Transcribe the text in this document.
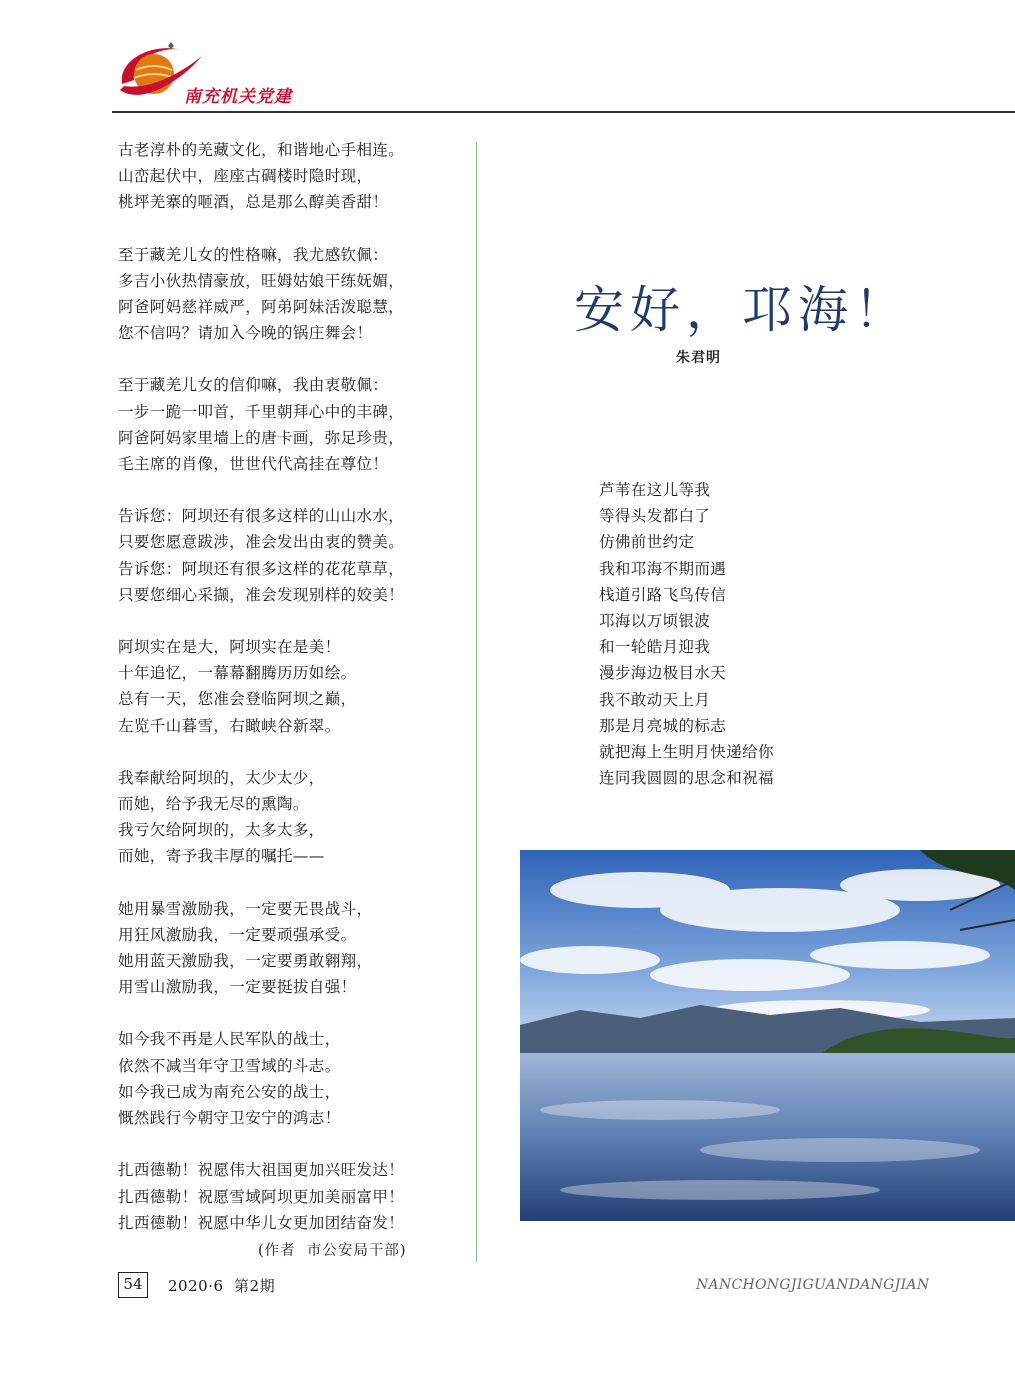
南充机关党建
古老淳朴的羌藏文化，和谐地心手相连。
山峦起伏中，座座古碉楼时隐时现，
桃坪羌寨的咂酒，总是那么醇美香甜！
至于藏羌儿女的性格嘛，我尤感钦佩：
多吉小伙热情豪放，旺姆姑娘干练妩媚，
阿爸阿妈慈祥威严，阿弟阿妹活泼聪慧，
您不信吗？请加入今晚的锅庄舞会！
至于藏羌儿女的信仰嘛，我由衷敬佩：
一步一跪一叩首，千里朝拜心中的丰碑，
阿爸阿妈家里墙上的唐卡画，弥足珍贵，
毛主席的肖像，世世代代高挂在尊位！
告诉您：阿坝还有很多这样的山山水水，
只要您愿意跋涉，准会发出由衷的赞美。
告诉您：阿坝还有很多这样的花花草草，
只要您细心采撷，准会发现别样的姣美！
阿坝实在是大，阿坝实在是美！
十年追忆，一幕幕翻腾历历如绘。
总有一天，您准会登临阿坝之巅，
左览千山暮雪，右瞰峡谷新翠。
我奉献给阿坝的，太少太少，
而她，给予我无尽的熏陶。
我亏欠给阿坝的，太多太多，
而她，寄予我丰厚的嘱托——
她用暴雪激励我，一定要无畏战斗，
用狂风激励我，一定要顽强承受。
她用蓝天激励我，一定要勇敢翱翔，
用雪山激励我，一定要挺拔自强！
如今我不再是人民军队的战士，
依然不减当年守卫雪域的斗志。
如今我已成为南充公安的战士，
慨然践行今朝守卫安宁的鸿志！
扎西德勒！祝愿伟大祖国更加兴旺发达！
扎西德勒！祝愿雪域阿坝更加美丽富甲！
扎西德勒！祝愿中华儿女更加团结奋发！
(作者  市公安局干部)
安好，邛海！
朱君明
芦苇在这儿等我
等得头发都白了
仿佛前世约定
我和邛海不期而遇
栈道引路飞鸟传信
邛海以万顷银波
和一轮皓月迎我
漫步海边极目水天
我不敢动天上月
那是月亮城的标志
就把海上生明月快递给你
连同我圆圆的思念和祝福
54	2020·6  第2期	NANCHONGJIGUANDANGJIAN
